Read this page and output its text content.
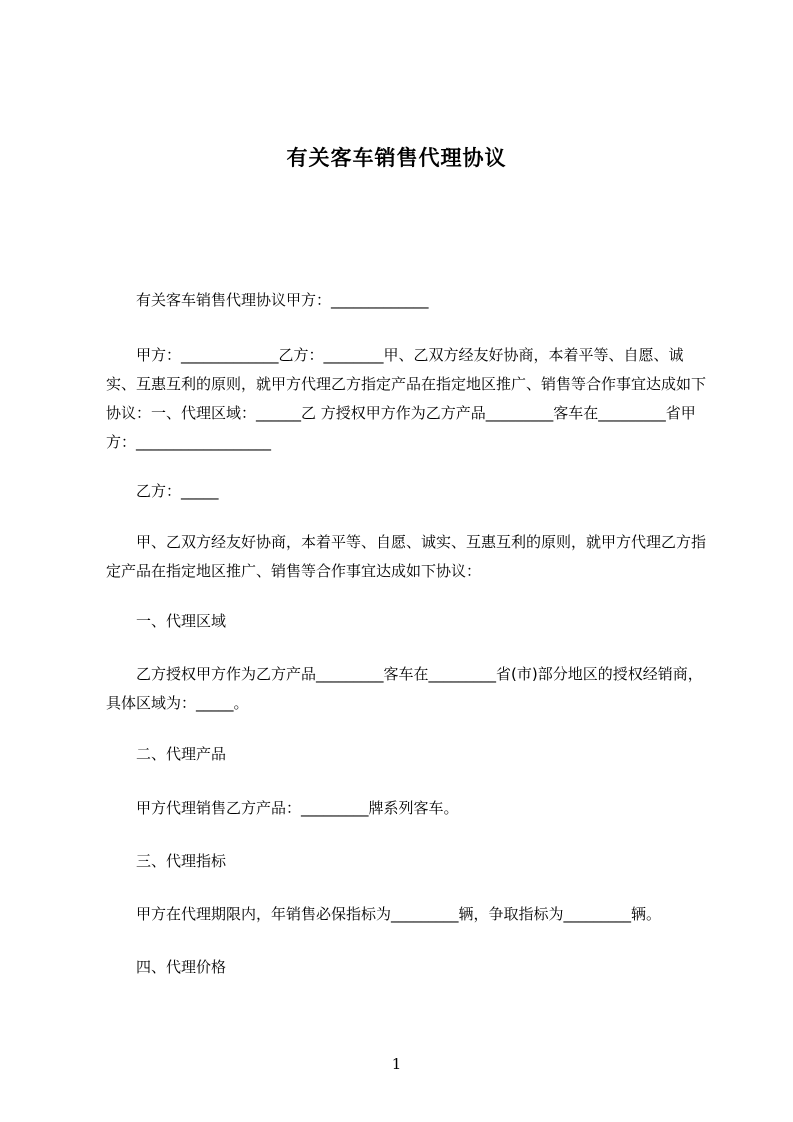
有关客车销售代理协议

　　有关客车销售代理协议甲方：_____________

　　甲方：_____________乙方：________甲、乙双方经友好协商，本着平等、自愿、诚实、互惠互利的原则，就甲方代理乙方指定产品在指定地区推广、销售等合作事宜达成如下协议：一、代理区域：______乙 方授权甲方作为乙方产品_________客车在_________省甲方：__________________

　　乙方：_____

　　甲、乙双方经友好协商，本着平等、自愿、诚实、互惠互利的原则，就甲方代理乙方指定产品在指定地区推广、销售等合作事宜达成如下协议：

　　一、代理区域

　　乙方授权甲方作为乙方产品_________客车在_________省(市)部分地区的授权经销商，具体区域为：_____。

　　二、代理产品

　　甲方代理销售乙方产品：_________牌系列客车。

　　三、代理指标

　　甲方在代理期限内，年销售必保指标为_________辆，争取指标为_________辆。

　　四、代理价格

1
